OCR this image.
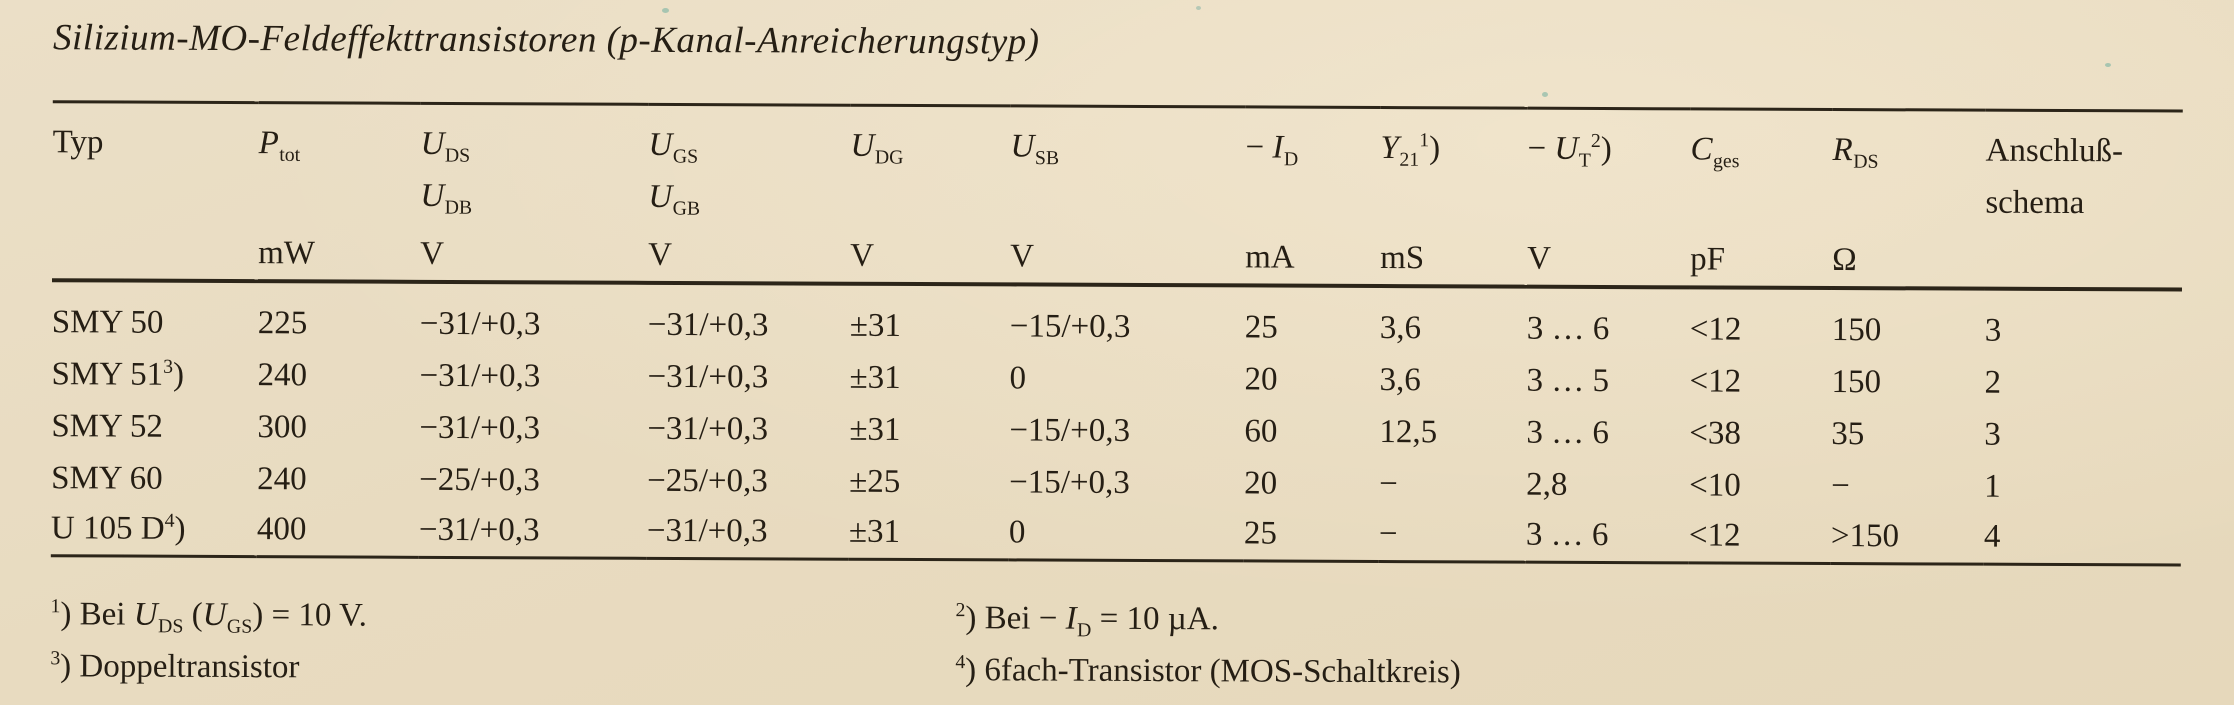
Silizium-MO-Feldeffekttransistoren (p-Kanal-Anreicherungstyp)
Typ	$P_{tot}$	$U_{DS}$	$U_{GS}$	$U_{DG}$	$U_{SB}$	− $I_D$	$Y_{21}^1$)	− $U_T^2$)	$C_{ges}$	$R_{DS}$	Anschluß-
		$U_{DB}$	$U_{GB}$								schema
	mW	V	V	V	V	mA	mS	V	pF	Ω	
SMY 50	225	−31/+0,3	−31/+0,3	±31	−15/+0,3	25	3,6	3 … 6	<12	150	3
SMY $51^3$)	240	−31/+0,3	−31/+0,3	±31	0	20	3,6	3 … 5	<12	150	2
SMY 52	300	−31/+0,3	−31/+0,3	±31	−15/+0,3	60	12,5	3 … 6	<38	35	3
SMY 60	240	−25/+0,3	−25/+0,3	±25	−15/+0,3	20	−	2,8	<10	−	1
U 105 $D^4$)	400	−31/+0,3	−31/+0,3	±31	0	25	−	3 … 6	<12	>150	4
$^1$) Bei $U_{DS}$ $(U_{GS}) = 10$ V.	$^2$) Bei − $I_D = 10$ µA.
$^3$) Doppeltransistor	$^4$) 6fach-Transistor (MOS-Schaltkreis)
